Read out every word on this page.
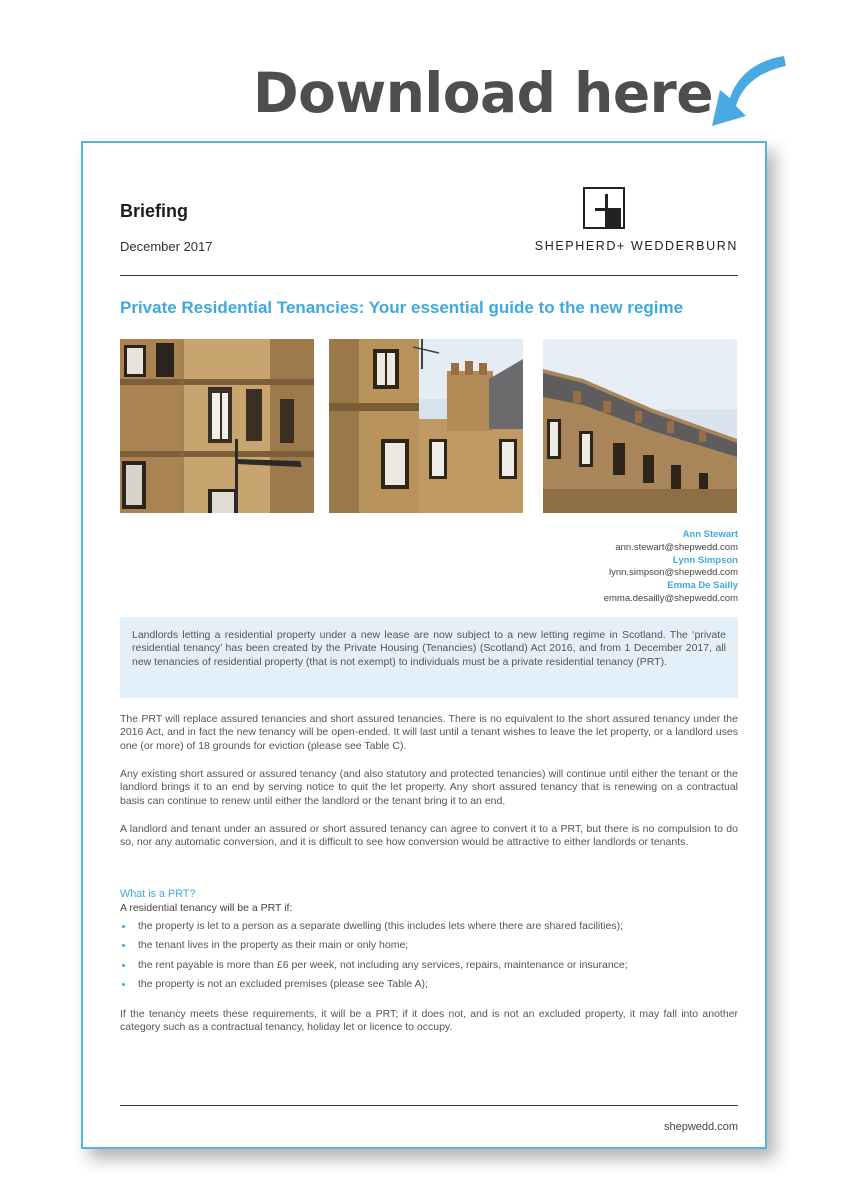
Download here
Briefing
December 2017	SHEPHERD+ WEDDERBURN
Private Residential Tenancies: Your essential guide to the new regime
Ann Stewart
ann.stewart@shepwedd.com
Lynn Simpson
lynn.simpson@shepwedd.com
Emma De Sailly
emma.desailly@shepwedd.com
Landlords letting a residential property under a new lease are now subject to a new letting regime in Scotland. The ‘private residential tenancy’ has been created by the Private Housing (Tenancies) (Scotland) Act 2016, and from 1 December 2017, all new tenancies of residential property (that is not exempt) to individuals must be a private residential tenancy (PRT).
The PRT will replace assured tenancies and short assured tenancies. There is no equivalent to the short assured tenancy under the 2016 Act, and in fact the new tenancy will be open-ended. It will last until a tenant wishes to leave the let property, or a landlord uses one (or more) of 18 grounds for eviction (please see Table C).
Any existing short assured or assured tenancy (and also statutory and protected tenancies) will continue until either the tenant or the landlord brings it to an end by serving notice to quit the let property. Any short assured tenancy that is renewing on a contractual basis can continue to renew until either the landlord or the tenant bring it to an end.
A landlord and tenant under an assured or short assured tenancy can agree to convert it to a PRT, but there is no compulsion to do so, nor any automatic conversion, and it is difficult to see how conversion would be attractive to either landlords or tenants.
What is a PRT?
A residential tenancy will be a PRT if:
the property is let to a person as a separate dwelling (this includes lets where there are shared facilities);
the tenant lives in the property as their main or only home;
the rent payable is more than £6 per week, not including any services, repairs, maintenance or insurance;
the property is not an excluded premises (please see Table A);
If the tenancy meets these requirements, it will be a PRT; if it does not, and is not an excluded property, it may fall into another category such as a contractual tenancy, holiday let or licence to occupy.
shepwedd.com
